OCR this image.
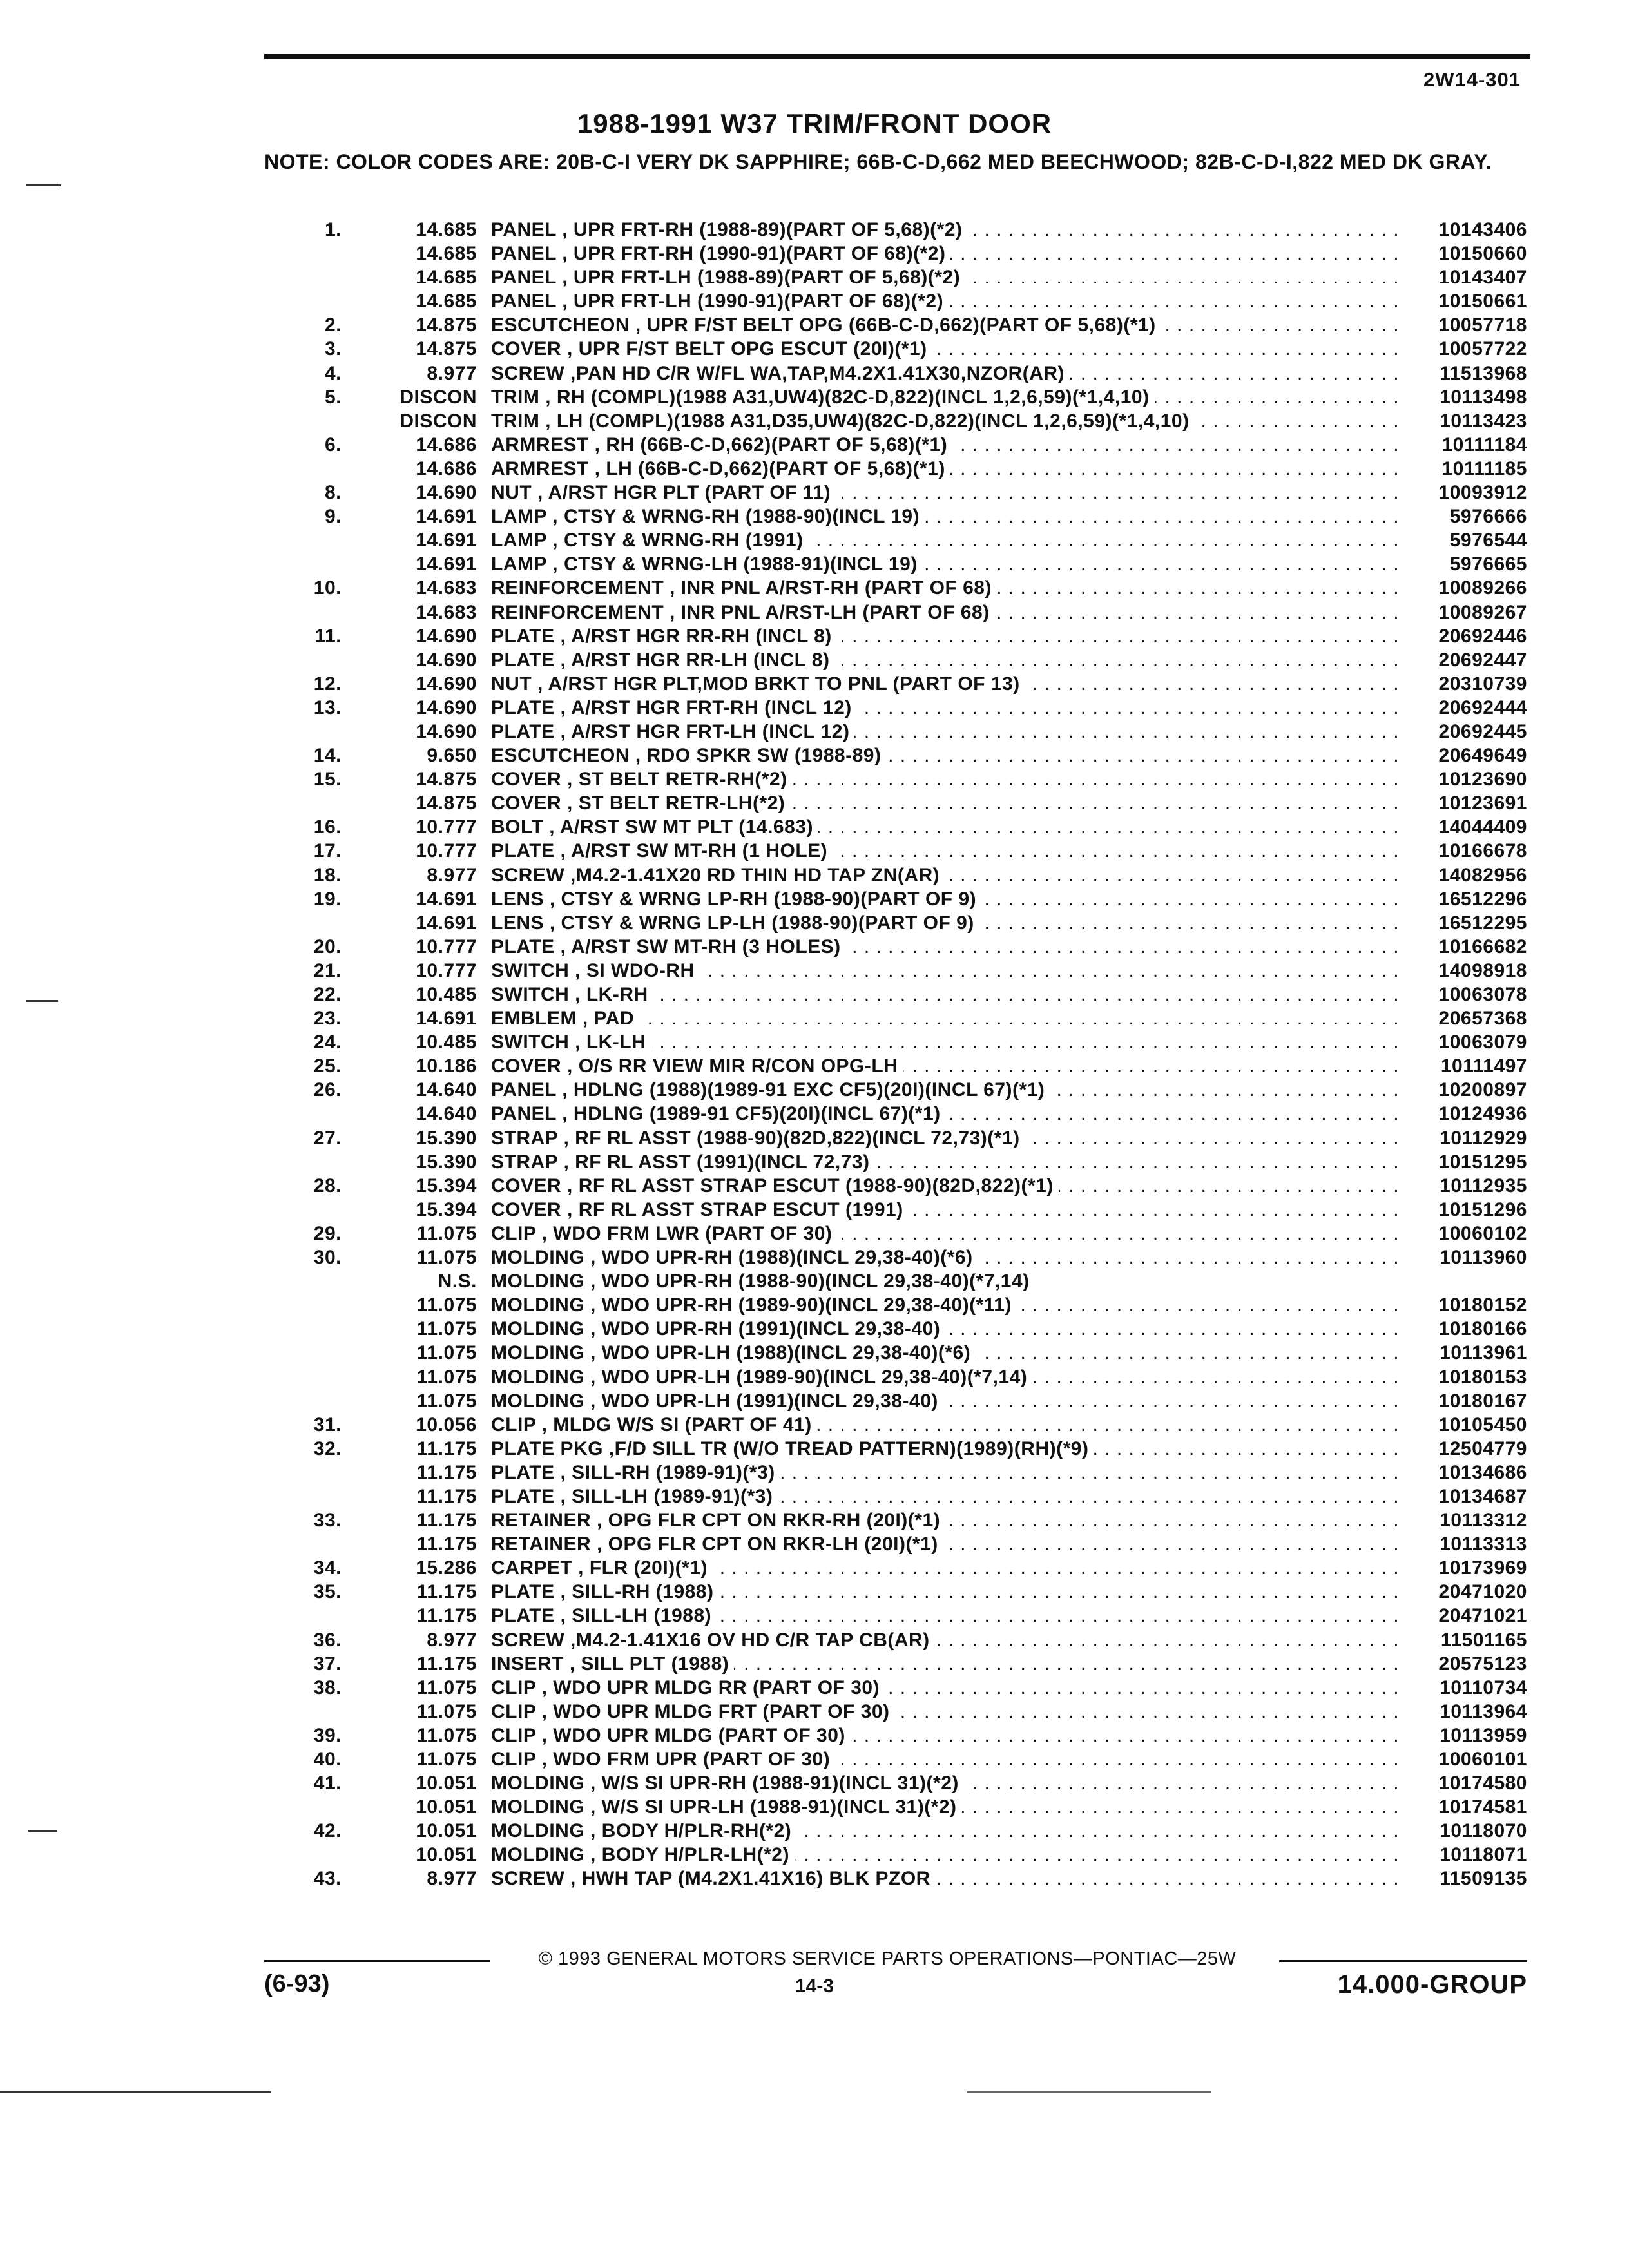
2W14-301
1988-1991 W37 TRIM/FRONT DOOR
NOTE: COLOR CODES ARE: 20B-C-I VERY DK SAPPHIRE; 66B-C-D,662 MED BEECHWOOD; 82B-C-D-I,822 MED DK GRAY.
1.	14.685 PANEL , UPR FRT-RH (1988-89)(PART OF 5,68)(*2) . . .	10143406
14.685 PANEL , UPR FRT-RH (1990-91)(PART OF 68)(*2) . . .	10150660
14.685 PANEL , UPR FRT-LH (1988-89)(PART OF 5,68)(*2) . . .	10143407
14.685 PANEL , UPR FRT-LH (1990-91)(PART OF 68)(*2) . . .	10150661
2.	14.875 ESCUTCHEON , UPR F/ST BELT OPG (66B-C-D,662)(PART OF 5,68)(*1) . . .	10057718
3.	14.875 COVER , UPR F/ST BELT OPG ESCUT (20I)(*1) . . .	10057722
4.	8.977 SCREW ,PAN HD C/R W/FL WA,TAP,M4.2X1.41X30,NZOR(AR) . . .	11513968
5.	DISCON TRIM , RH (COMPL)(1988 A31,UW4)(82C-D,822)(INCL 1,2,6,59)(*1,4,10) . . .	10113498
DISCON TRIM , LH (COMPL)(1988 A31,D35,UW4)(82C-D,822)(INCL 1,2,6,59)(*1,4,10) . . .	10113423
6.	14.686 ARMREST , RH (66B-C-D,662)(PART OF 5,68)(*1) . . .	10111184
14.686 ARMREST , LH (66B-C-D,662)(PART OF 5,68)(*1) . . .	10111185
8.	14.690 NUT , A/RST HGR PLT (PART OF 11) . . .	10093912
9.	14.691 LAMP , CTSY & WRNG-RH (1988-90)(INCL 19) . . .	5976666
14.691 LAMP , CTSY & WRNG-RH (1991) . . .	5976544
14.691 LAMP , CTSY & WRNG-LH (1988-91)(INCL 19) . . .	5976665
10.	14.683 REINFORCEMENT , INR PNL A/RST-RH (PART OF 68) . . .	10089266
14.683 REINFORCEMENT , INR PNL A/RST-LH (PART OF 68) . . .	10089267
11.	14.690 PLATE , A/RST HGR RR-RH (INCL 8) . . .	20692446
14.690 PLATE , A/RST HGR RR-LH (INCL 8) . . .	20692447
12.	14.690 NUT , A/RST HGR PLT,MOD BRKT TO PNL (PART OF 13) . . .	20310739
13.	14.690 PLATE , A/RST HGR FRT-RH (INCL 12) . . .	20692444
14.690 PLATE , A/RST HGR FRT-LH (INCL 12) . . .	20692445
14.	9.650 ESCUTCHEON , RDO SPKR SW (1988-89) . . .	20649649
15.	14.875 COVER , ST BELT RETR-RH(*2) . . .	10123690
14.875 COVER , ST BELT RETR-LH(*2) . . .	10123691
16.	10.777 BOLT , A/RST SW MT PLT (14.683) . . .	14044409
17.	10.777 PLATE , A/RST SW MT-RH (1 HOLE) . . .	10166678
18.	8.977 SCREW ,M4.2-1.41X20 RD THIN HD TAP ZN(AR) . . .	14082956
19.	14.691 LENS , CTSY & WRNG LP-RH (1988-90)(PART OF 9) . . .	16512296
14.691 LENS , CTSY & WRNG LP-LH (1988-90)(PART OF 9) . . .	16512295
20.	10.777 PLATE , A/RST SW MT-RH (3 HOLES) . . .	10166682
21.	10.777 SWITCH , SI WDO-RH . . .	14098918
22.	10.485 SWITCH , LK-RH . . .	10063078
23.	14.691 EMBLEM , PAD . . .	20657368
24.	10.485 SWITCH , LK-LH . . .	10063079
25.	10.186 COVER , O/S RR VIEW MIR R/CON OPG-LH . . .	10111497
26.	14.640 PANEL , HDLNG (1988)(1989-91 EXC CF5)(20I)(INCL 67)(*1) . . .	10200897
14.640 PANEL , HDLNG (1989-91 CF5)(20I)(INCL 67)(*1) . . .	10124936
27.	15.390 STRAP , RF RL ASST (1988-90)(82D,822)(INCL 72,73)(*1) . . .	10112929
15.390 STRAP , RF RL ASST (1991)(INCL 72,73) . . .	10151295
28.	15.394 COVER , RF RL ASST STRAP ESCUT (1988-90)(82D,822)(*1) . . .	10112935
15.394 COVER , RF RL ASST STRAP ESCUT (1991) . . .	10151296
29.	11.075 CLIP , WDO FRM LWR (PART OF 30) . . .	10060102
30.	11.075 MOLDING , WDO UPR-RH (1988)(INCL 29,38-40)(*6) . . .	10113960
N.S. MOLDING , WDO UPR-RH (1988-90)(INCL 29,38-40)(*7,14)
11.075 MOLDING , WDO UPR-RH (1989-90)(INCL 29,38-40)(*11) . . .	10180152
11.075 MOLDING , WDO UPR-RH (1991)(INCL 29,38-40) . . .	10180166
11.075 MOLDING , WDO UPR-LH (1988)(INCL 29,38-40)(*6) . . .	10113961
11.075 MOLDING , WDO UPR-LH (1989-90)(INCL 29,38-40)(*7,14) . . .	10180153
11.075 MOLDING , WDO UPR-LH (1991)(INCL 29,38-40) . . .	10180167
31.	10.056 CLIP , MLDG W/S SI (PART OF 41) . . .	10105450
32.	11.175 PLATE PKG ,F/D SILL TR (W/O TREAD PATTERN)(1989)(RH)(*9) . . .	12504779
11.175 PLATE , SILL-RH (1989-91)(*3) . . .	10134686
11.175 PLATE , SILL-LH (1989-91)(*3) . . .	10134687
33.	11.175 RETAINER , OPG FLR CPT ON RKR-RH (20I)(*1) . . .	10113312
11.175 RETAINER , OPG FLR CPT ON RKR-LH (20I)(*1) . . .	10113313
34.	15.286 CARPET , FLR (20I)(*1) . . .	10173969
35.	11.175 PLATE , SILL-RH (1988) . . .	20471020
11.175 PLATE , SILL-LH (1988) . . .	20471021
36.	8.977 SCREW ,M4.2-1.41X16 OV HD C/R TAP CB(AR) . . .	11501165
37.	11.175 INSERT , SILL PLT (1988) . . .	20575123
38.	11.075 CLIP , WDO UPR MLDG RR (PART OF 30) . . .	10110734
11.075 CLIP , WDO UPR MLDG FRT (PART OF 30) . . .	10113964
39.	11.075 CLIP , WDO UPR MLDG (PART OF 30) . . .	10113959
40.	11.075 CLIP , WDO FRM UPR (PART OF 30) . . .	10060101
41.	10.051 MOLDING , W/S SI UPR-RH (1988-91)(INCL 31)(*2) . . .	10174580
10.051 MOLDING , W/S SI UPR-LH (1988-91)(INCL 31)(*2) . . .	10174581
42.	10.051 MOLDING , BODY H/PLR-RH(*2) . . .	10118070
10.051 MOLDING , BODY H/PLR-LH(*2) . . .	10118071
43.	8.977 SCREW , HWH TAP (M4.2X1.41X16) BLK PZOR . . .	11509135
© 1993 GENERAL MOTORS SERVICE PARTS OPERATIONS—PONTIAC—25W
(6-93)	14-3	14.000-GROUP
